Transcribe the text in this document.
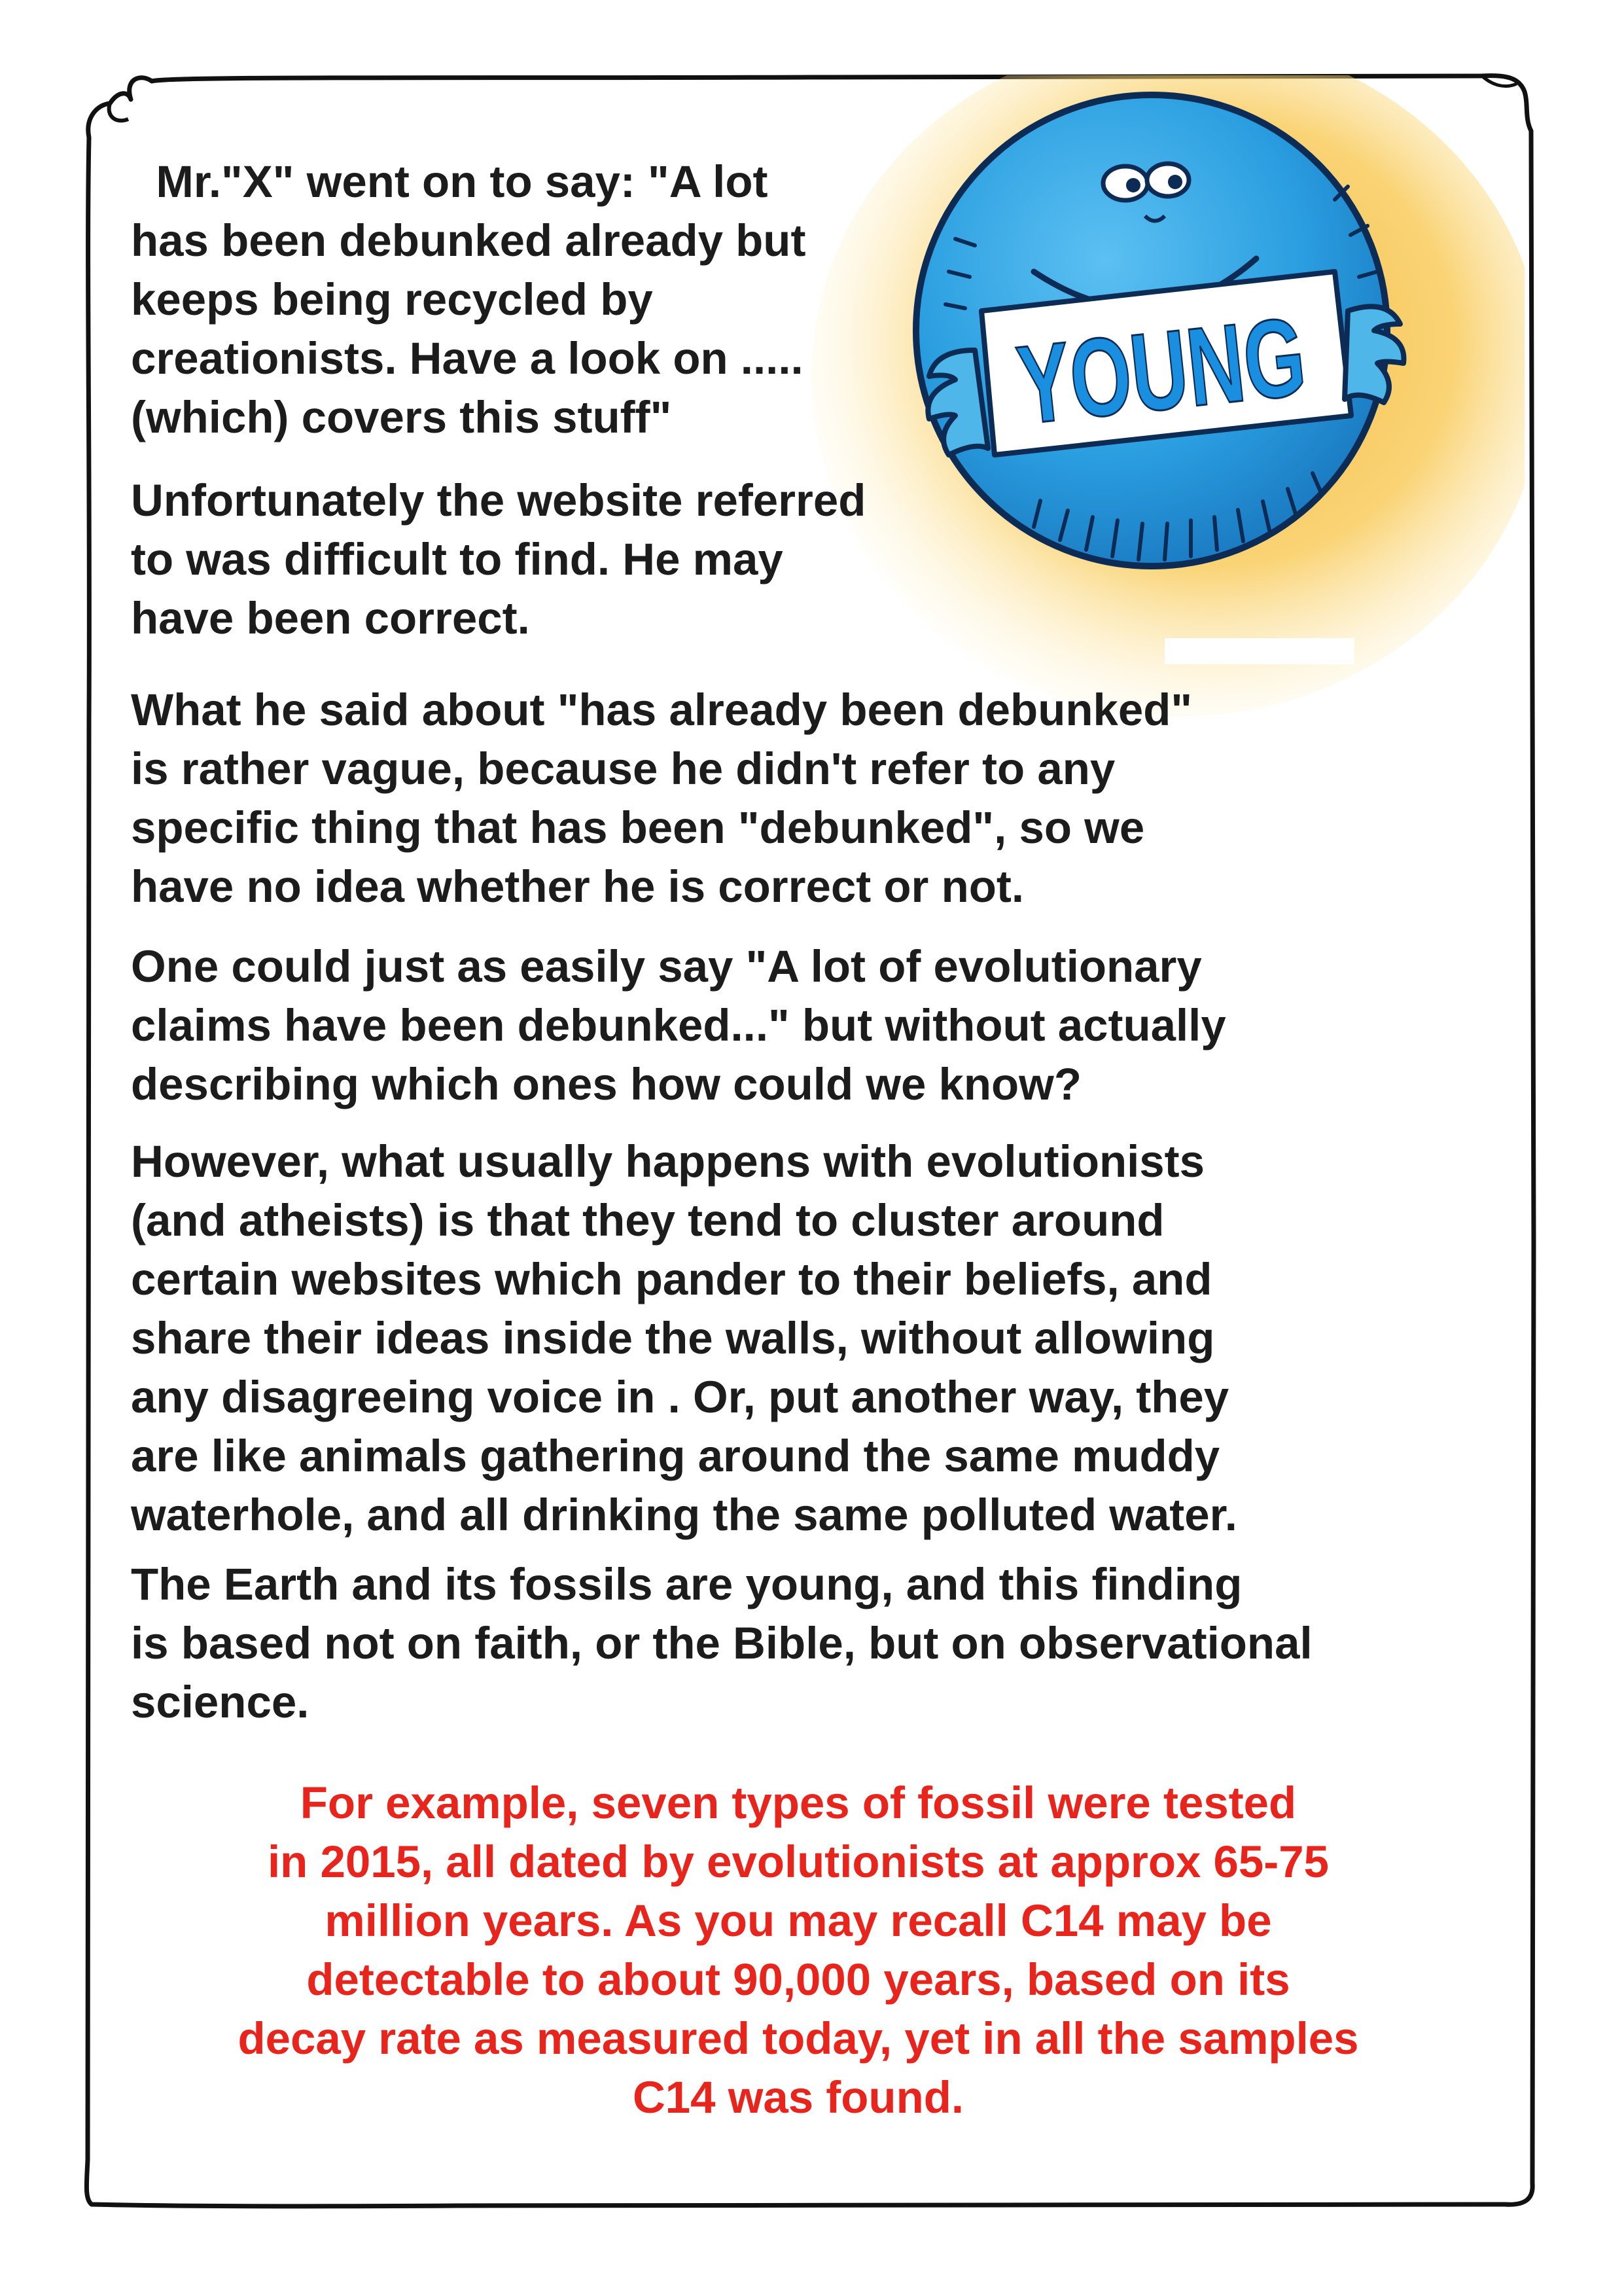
YOUNG
Mr."X" went on to say: "A lot
has been debunked already but
keeps being recycled by
creationists. Have a look on .....
(which) covers this stuff"
Unfortunately the website referred
to was difficult to find. He may
have been correct.
What he said about "has already been debunked"
is rather vague, because he didn't refer to any
specific thing that has been "debunked", so we
have no idea whether he is correct or not.
One could just as easily say "A lot of evolutionary
claims have been debunked..." but without actually
describing which ones how could we know?
However, what usually happens with evolutionists
(and atheists) is that they tend to cluster around
certain websites which pander to their beliefs, and
share their ideas inside the walls, without allowing
any disagreeing voice in . Or, put another way, they
are like animals gathering around the same muddy
waterhole, and all drinking the same polluted water.
The Earth and its fossils are young, and this finding
is based not on faith, or the Bible, but on observational
science.
For example, seven types of fossil were tested
in 2015, all dated by evolutionists at approx 65-75
million years. As you may recall C14 may be
detectable to about 90,000 years, based on its
decay rate as measured today, yet in all the samples
C14 was found.
